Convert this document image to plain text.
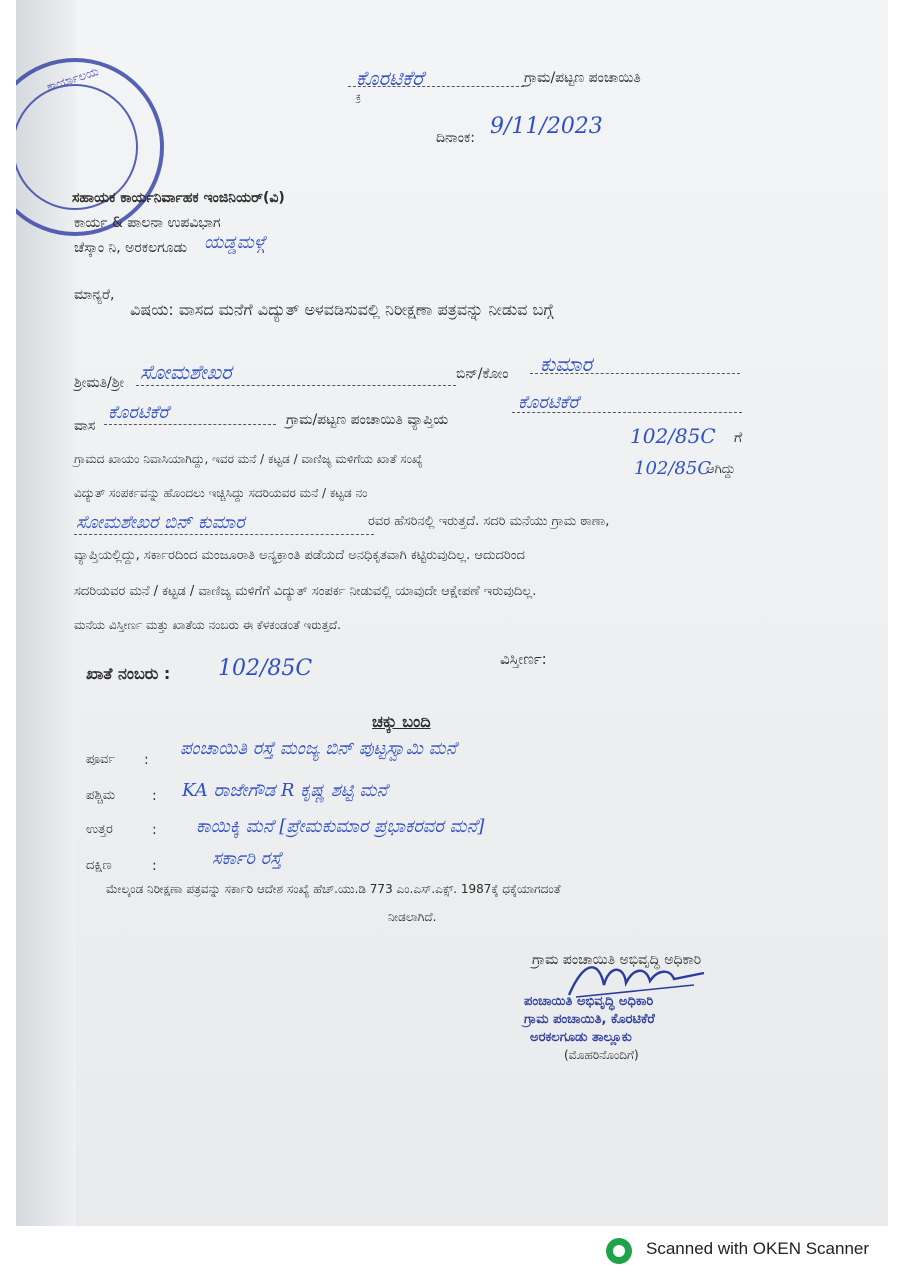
ಕಾರ್ಯಾಲಯ	ಕೊರಟಿಕೆರೆ	ಗ್ರಾಮ/ಪಟ್ಟಣ ಪಂಚಾಯಿತಿ
ಕ್ರ
ದಿನಾಂಕ: 9/11/2023
ಸಹಾಯಕ ಕಾರ್ಯನಿರ್ವಾಹಕ ಇಂಜಿನಿಯರ್(ವಿ)
ಕಾರ್ಯ & ಪಾಲನಾ ಉಪವಿಭಾಗ
ಚೆಸ್ಕಾಂ ನಿ, ಅರಕಲಗೂಡು ಯಡ್ಡಮಳ್ಗೆ
ಮಾನ್ಯರೆ,
ವಿಷಯ: ವಾಸದ ಮನೆಗೆ ವಿದ್ಯುತ್ ಅಳವಡಿಸುವಲ್ಲಿ ನಿರೀಕ್ಷಣಾ ಪತ್ರವನ್ನು ನೀಡುವ ಬಗ್ಗೆ
ಶ್ರೀಮತಿ/ಶ್ರೀ ಸೋಮಶೇಖರ	ಬಿನ್/ಕೋಂ ಕುಮಾರ
ವಾಸ
ಕೊರಟಿಕೆರೆ	ಗ್ರಾಮ/ಪಟ್ಟಣ ಪಂಚಾಯಿತಿ ವ್ಯಾಪ್ತಿಯ
ಕೊರಟಿಕೆರೆ
ಗ್ರಾಮದ ಖಾಯಂ ನಿವಾಸಿಯಾಗಿದ್ದು, ಇವರ ಮನೆ / ಕಟ್ಟಡ / ವಾಣಿಜ್ಯ ಮಳಿಗೆಯ ಖಾತೆ ಸಂಖ್ಯೆ
102/85C ಗೆ
ವಿದ್ಯುತ್ ಸಂಪರ್ಕವನ್ನು ಹೊಂದಲು ಇಚ್ಚಿಸಿದ್ದು ಸದರಿಯವರ ಮನೆ / ಕಟ್ಟಡ ನಂ
102/85C
ಆಗಿದ್ದು
ಸೋಮಶೇಖರ ಬಿನ್ ಕುಮಾರ	ರವರ ಹೆಸರಿನಲ್ಲಿ ಇರುತ್ತದೆ. ಸದರಿ ಮನೆಯು ಗ್ರಾಮ ಠಾಣಾ,
ವ್ಯಾಪ್ತಿಯಲ್ಲಿದ್ದು, ಸರ್ಕಾರದಿಂದ ಮಂಜೂರಾತಿ ಅನ್ಯಕ್ರಾಂತಿ ಪಡೆಯದೆ ಅನಧಿಕೃತವಾಗಿ ಕಟ್ಟಿರುವುದಿಲ್ಲ. ಆದುದರಿಂದ
ಸದರಿಯವರ ಮನೆ / ಕಟ್ಟಡ / ವಾಣಿಜ್ಯ ಮಳಿಗೆಗೆ ವಿದ್ಯುತ್ ಸಂಪರ್ಕ ನೀಡುವಲ್ಲಿ ಯಾವುದೇ ಆಕ್ಷೇಪಣೆ ಇರುವುದಿಲ್ಲ.
ಮನೆಯ ವಿಸ್ತೀರ್ಣ ಮತ್ತು ಖಾತೆಯ ನಂಬರು ಈ ಕೆಳಕಂಡಂತೆ ಇರುತ್ತದೆ.
ಖಾತೆ ನಂಬರು : 102/85C	ವಿಸ್ತೀರ್ಣ:
ಚಕ್ಕು ಬಂದಿ
ಪೂರ್ವ :
ಪಂಚಾಯಿತಿ ರಸ್ತೆ ಮಂಜ್ಯ ಬಿನ್ ಪುಟ್ಟಸ್ವಾಮಿ ಮನೆ
ಪಶ್ಚಿಮ	: KA ರಾಜೇಗೌಡ R ಕೃಷ್ಣ ಶಟ್ಟಿ ಮನೆ
ಉತ್ತರ	: ಕಾಯಿಕ್ಕಿ ಮನೆ [ಪ್ರೇಮಕುಮಾರ ಪ್ರಭಾಕರವರ ಮನೆ]
ದಕ್ಷಿಣ	:	ಸರ್ಕಾರಿ ರಸ್ತೆ
ಮೇಲ್ಕಂಡ ನಿರೀಕ್ಷಣಾ ಪತ್ರವನ್ನು ಸರ್ಕಾರಿ ಆದೇಶ ಸಂಖ್ಯೆ ಹೆಚ್.ಯು.ಡಿ 773 ಎಂ.ಎಸ್.ಎಕ್ಸ್. 1987ಕ್ಕೆ ಧಕ್ಕೆಯಾಗದಂತೆ
ನೀಡಲಾಗಿದೆ.
ಗ್ರಾಮ ಪಂಚಾಯಿತಿ ಅಭಿವೃದ್ಧಿ ಅಧಿಕಾರಿ
ಪಂಚಾಯಿತಿ ಅಭಿವೃದ್ಧಿ ಅಧಿಕಾರಿ
ಗ್ರಾಮ ಪಂಚಾಯಿತಿ, ಕೊರಟಿಕೆರೆ
ಅರಕಲಗೂಡು ತಾಲ್ಲೂಕು
(ಮೊಹರಿನೊಂದಿಗೆ)
Scanned with OKEN Scanner
